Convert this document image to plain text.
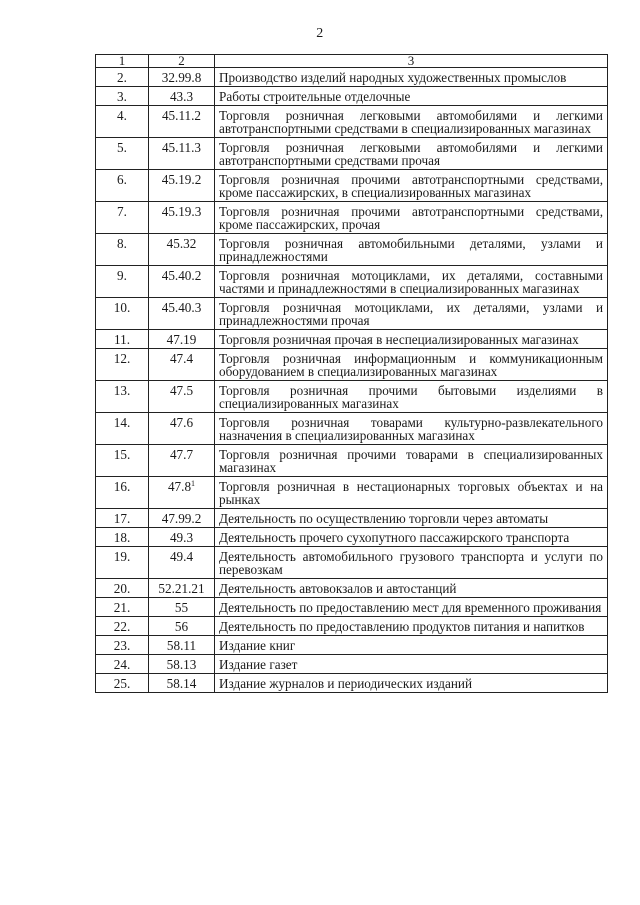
2
1	2	3
2.	32.99.8	Производство изделий народных художественных промыслов
3.	43.3	Работы строительные отделочные
4.	45.11.2	Торговля розничная легковыми автомобилями и легкими автотранспортными средствами в специализированных магазинах
5.	45.11.3	Торговля розничная легковыми автомобилями и легкими автотранспортными средствами прочая
6.	45.19.2	Торговля розничная прочими автотранспортными средствами, кроме пассажирских, в специализированных магазинах
7.	45.19.3	Торговля розничная прочими автотранспортными средствами, кроме пассажирских, прочая
8.	45.32	Торговля розничная автомобильными деталями, узлами и принадлежностями
9.	45.40.2	Торговля розничная мотоциклами, их деталями, составными частями и принадлежностями в специализированных магазинах
10.	45.40.3	Торговля розничная мотоциклами, их деталями, узлами и принадлежностями прочая
11.	47.19	Торговля розничная прочая в неспециализированных магазинах
12.	47.4	Торговля розничная информационным и коммуникационным оборудованием в специализированных магазинах
13.	47.5	Торговля розничная прочими бытовыми изделиями в специализированных магазинах
14.	47.6	Торговля розничная товарами культурно-развлекательного назначения в специализированных магазинах
15.	47.7	Торговля розничная прочими товарами в специализированных магазинах
16.	47.8$^1$	Торговля розничная в нестационарных торговых объектах и на рынках
17.	47.99.2	Деятельность по осуществлению торговли через автоматы
18.	49.3	Деятельность прочего сухопутного пассажирского транспорта
19.	49.4	Деятельность автомобильного грузового транспорта и услуги по перевозкам
20.	52.21.21	Деятельность автовокзалов и автостанций
21.	55	Деятельность по предоставлению мест для временного проживания
22.	56	Деятельность по предоставлению продуктов питания и напитков
23.	58.11	Издание книг
24.	58.13	Издание газет
25.	58.14	Издание журналов и периодических изданий
